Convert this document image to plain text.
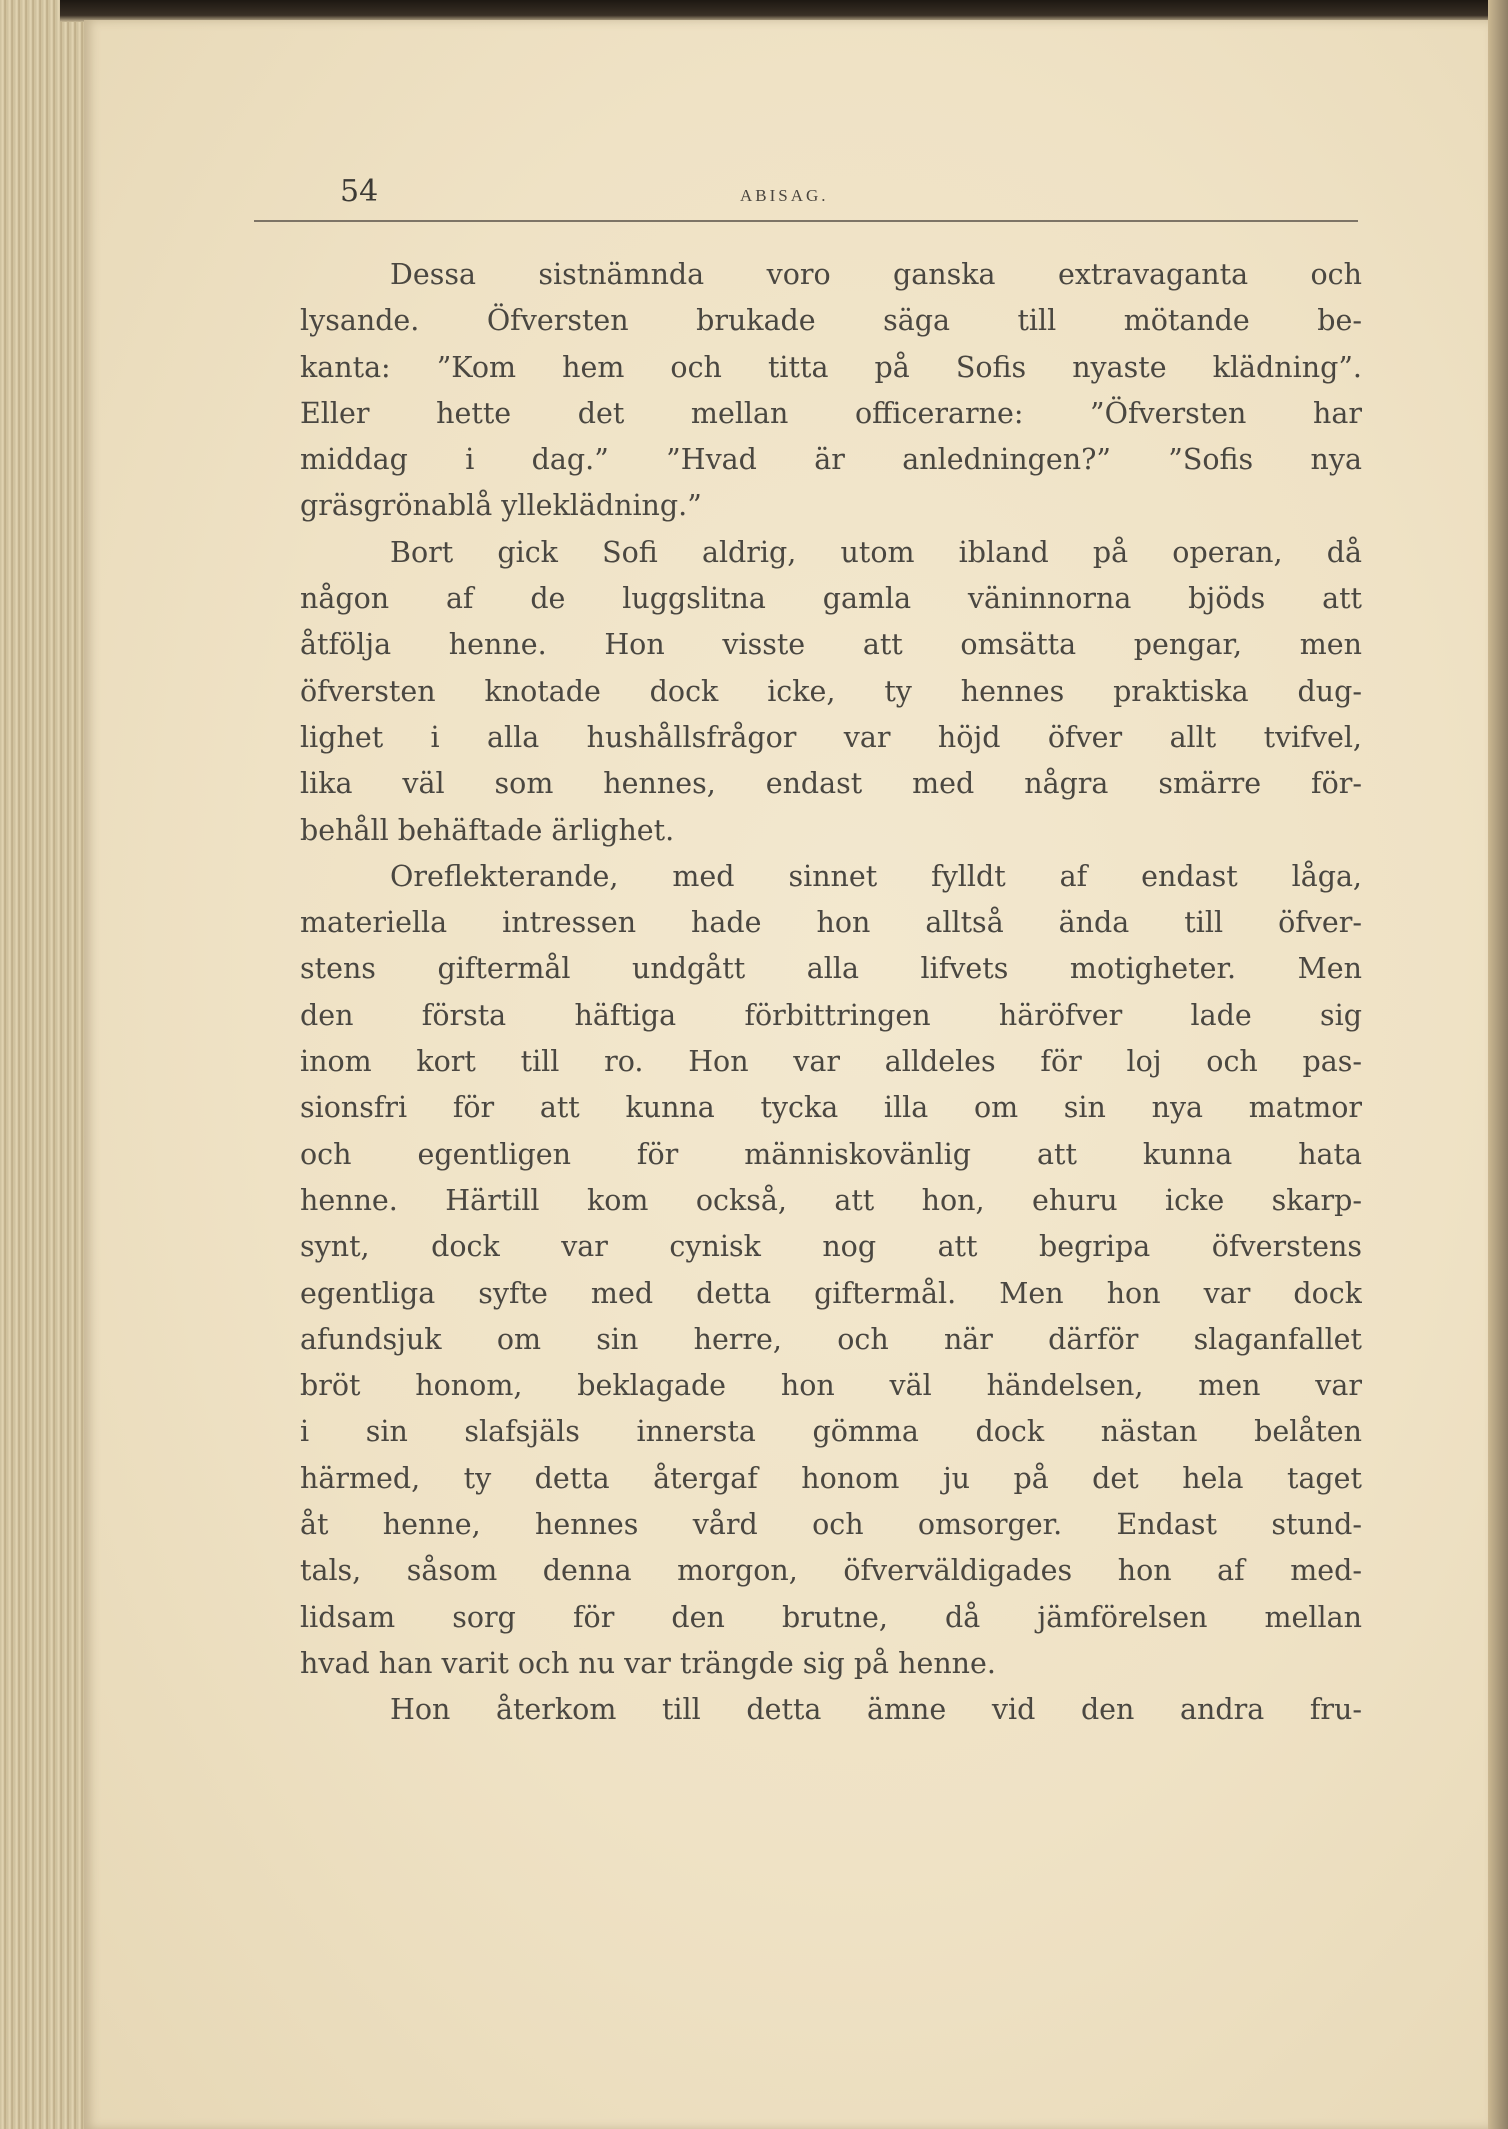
54	ABISAG.
Dessa sistnämnda voro ganska extravaganta och
lysande. Öfversten brukade säga till mötande be-
kanta: ”Kom hem och titta på Sofis nyaste klädning”.
Eller hette det mellan officerarne: ”Öfversten har
middag i dag.” ”Hvad är anledningen?” ”Sofis nya
gräsgrönablå ylleklädning.”
Bort gick Sofi aldrig, utom ibland på operan, då
någon af de luggslitna gamla väninnorna bjöds att
åtfölja henne. Hon visste att omsätta pengar, men
öfversten knotade dock icke, ty hennes praktiska dug-
lighet i alla hushållsfrågor var höjd öfver allt tvifvel,
lika väl som hennes, endast med några smärre för-
behåll behäftade ärlighet.
Oreflekterande, med sinnet fylldt af endast låga,
materiella intressen hade hon alltså ända till öfver-
stens giftermål undgått alla lifvets motigheter. Men
den första häftiga förbittringen häröfver lade sig
inom kort till ro. Hon var alldeles för loj och pas-
sionsfri för att kunna tycka illa om sin nya matmor
och egentligen för människovänlig att kunna hata
henne. Härtill kom också, att hon, ehuru icke skarp-
synt, dock var cynisk nog att begripa öfverstens
egentliga syfte med detta giftermål. Men hon var dock
afundsjuk om sin herre, och när därför slaganfallet
bröt honom, beklagade hon väl händelsen, men var
i sin slafsjäls innersta gömma dock nästan belåten
härmed, ty detta återgaf honom ju på det hela taget
åt henne, hennes vård och omsorger. Endast stund-
tals, såsom denna morgon, öfverväldigades hon af med-
lidsam sorg för den brutne, då jämförelsen mellan
hvad han varit och nu var trängde sig på henne.
Hon återkom till detta ämne vid den andra fru-
